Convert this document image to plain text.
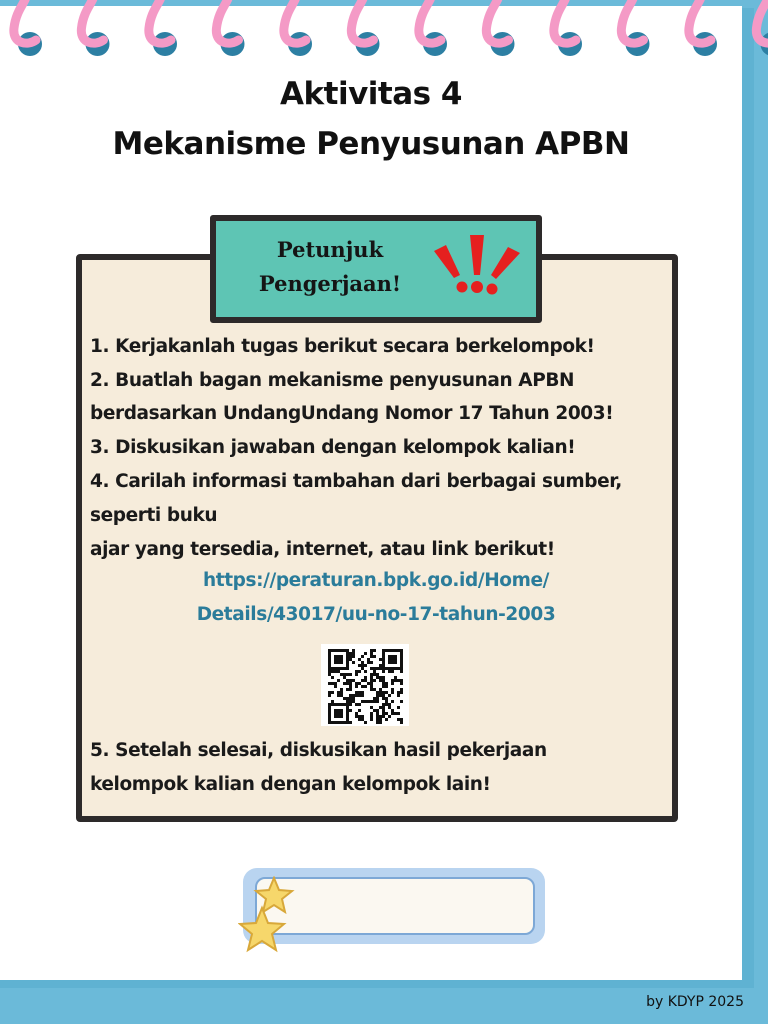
Aktivitas 4
Mekanisme Penyusunan APBN
Petunjuk
Pengerjaan!
1. Kerjakanlah tugas berikut secara berkelompok!
2. Buatlah bagan mekanisme penyusunan APBN
berdasarkan UndangUndang Nomor 17 Tahun 2003!
3. Diskusikan jawaban dengan kelompok kalian!
4. Carilah informasi tambahan dari berbagai sumber,
seperti buku
ajar yang tersedia, internet, atau link berikut!
https://peraturan.bpk.go.id/Home/
Details/43017/uu-no-17-tahun-2003
5. Setelah selesai, diskusikan hasil pekerjaan
kelompok kalian dengan kelompok lain!
by KDYP 2025
